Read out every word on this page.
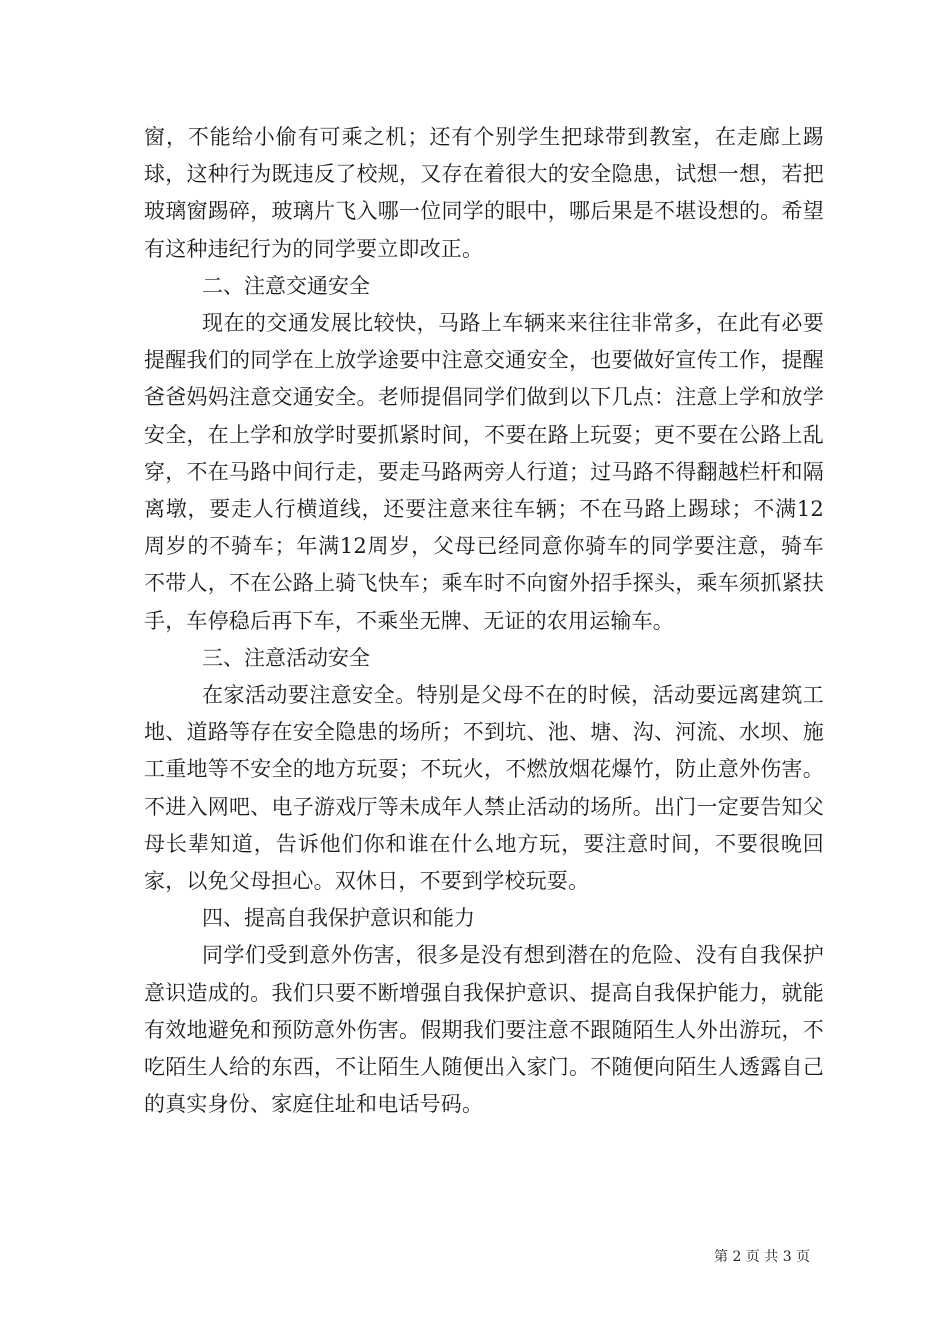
窗，不能给小偷有可乘之机；还有个别学生把球带到教室，在走廊上踢球，这种行为既违反了校规，又存在着很大的安全隐患，试想一想，若把玻璃窗踢碎，玻璃片飞入哪一位同学的眼中，哪后果是不堪设想的。希望有这种违纪行为的同学要立即改正。

二、注意交通安全

现在的交通发展比较快，马路上车辆来来往往非常多，在此有必要提醒我们的同学在上放学途要中注意交通安全，也要做好宣传工作，提醒爸爸妈妈注意交通安全。老师提倡同学们做到以下几点：注意上学和放学安全，在上学和放学时要抓紧时间，不要在路上玩耍；更不要在公路上乱穿，不在马路中间行走，要走马路两旁人行道；过马路不得翻越栏杆和隔离墩，要走人行横道线，还要注意来往车辆；不在马路上踢球；不满12周岁的不骑车；年满12周岁，父母已经同意你骑车的同学要注意，骑车不带人，不在公路上骑飞快车；乘车时不向窗外招手探头，乘车须抓紧扶手，车停稳后再下车，不乘坐无牌、无证的农用运输车。

三、注意活动安全

在家活动要注意安全。特别是父母不在的时候，活动要远离建筑工地、道路等存在安全隐患的场所；不到坑、池、塘、沟、河流、水坝、施工重地等不安全的地方玩耍；不玩火，不燃放烟花爆竹，防止意外伤害。不进入网吧、电子游戏厅等未成年人禁止活动的场所。出门一定要告知父母长辈知道，告诉他们你和谁在什么地方玩，要注意时间，不要很晚回家，以免父母担心。双休日，不要到学校玩耍。

四、提高自我保护意识和能力

同学们受到意外伤害，很多是没有想到潜在的危险、没有自我保护意识造成的。我们只要不断增强自我保护意识、提高自我保护能力，就能有效地避免和预防意外伤害。假期我们要注意不跟随陌生人外出游玩，不吃陌生人给的东西，不让陌生人随便出入家门。不随便向陌生人透露自己的真实身份、家庭住址和电话号码。

第 2 页 共 3 页
